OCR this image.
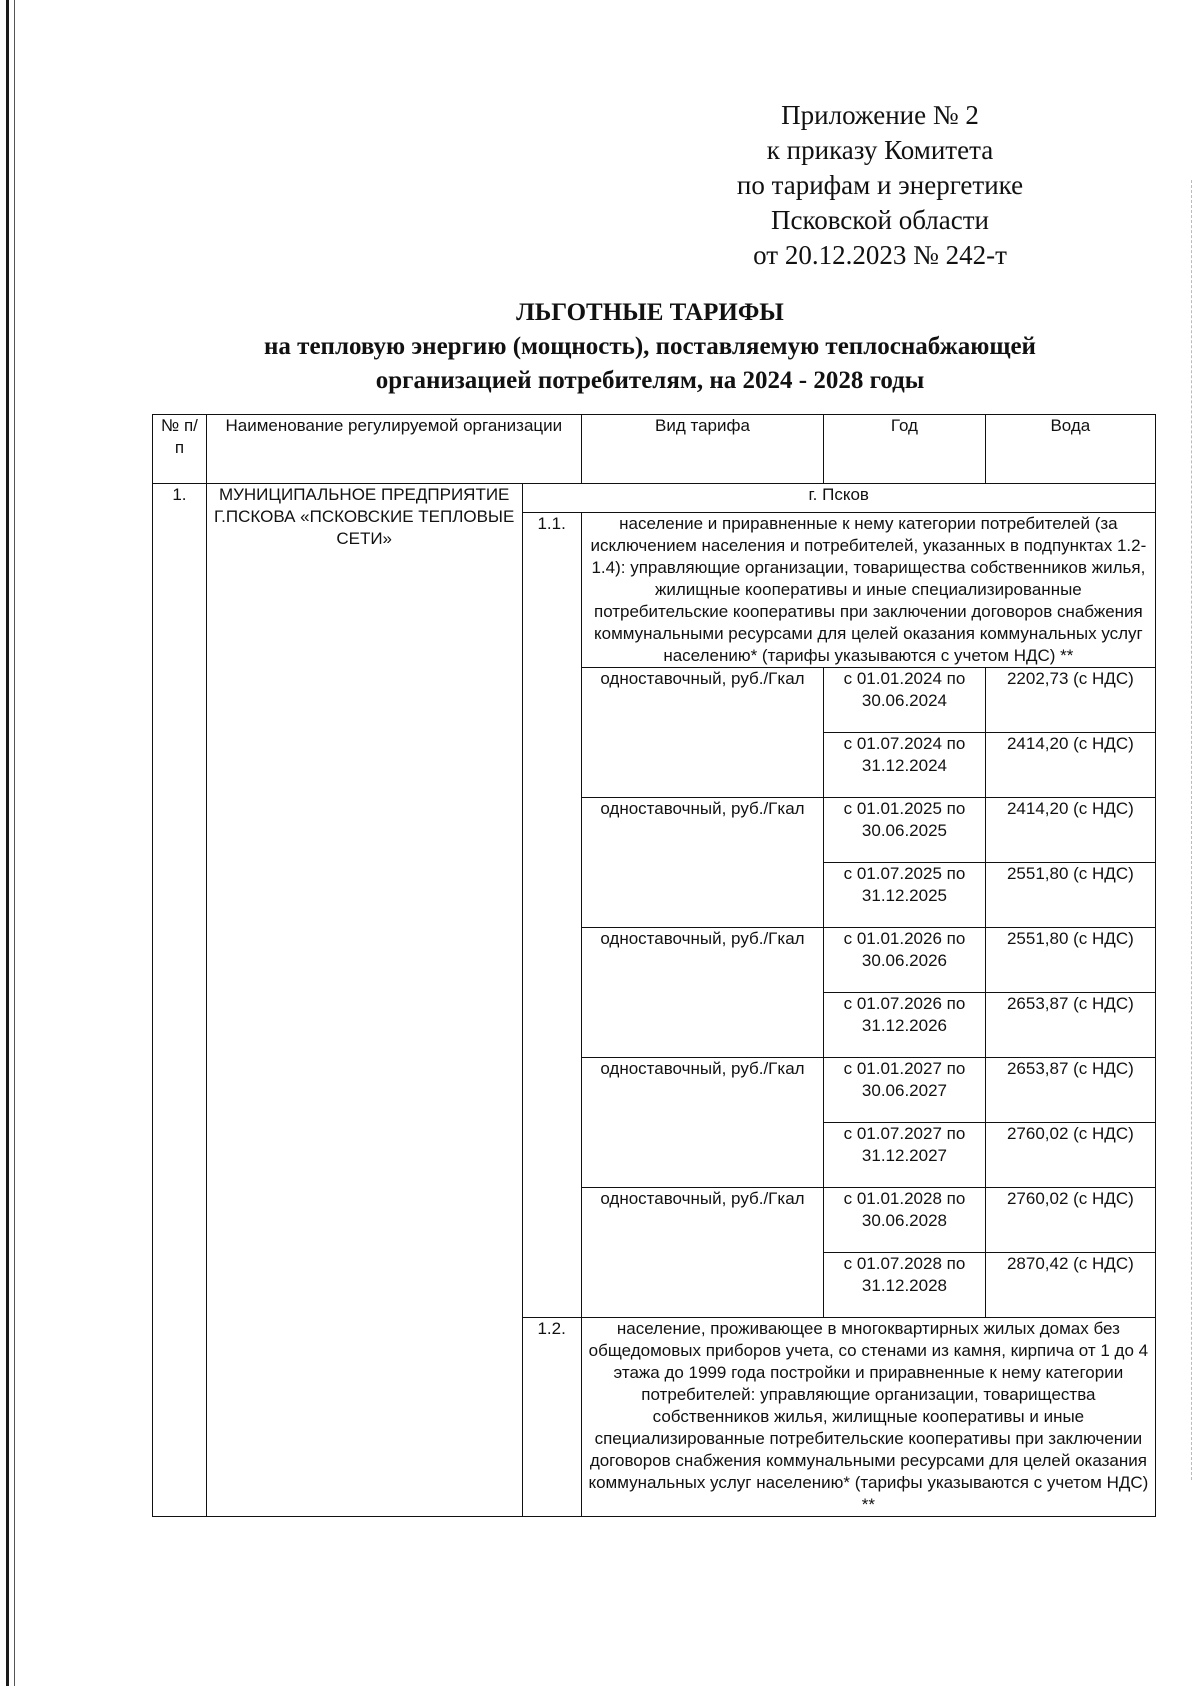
Приложение № 2
к приказу Комитета
по тарифам и энергетике
Псковской области
от 20.12.2023 № 242-т
ЛЬГОТНЫЕ ТАРИФЫ
на тепловую энергию (мощность), поставляемую теплоснабжающей
организацией потребителям, на 2024 - 2028 годы
№ п/п	Наименование регулируемой организации		Вид тарифа	Год	Вода
1.	МУНИЦИПАЛЬНОЕ ПРЕДПРИЯТИЕ Г.ПСКОВА «ПСКОВСКИЕ ТЕПЛОВЫЕ СЕТИ»	г. Псков			
		1.1.	население и приравненные к нему категории потребителей (за исключением населения и потребителей, указанных в подпунктах 1.2-1.4): управляющие организации, товарищества собственников жилья, жилищные кооперативы и иные специализированные потребительские кооперативы при заключении договоров снабжения коммунальными ресурсами для целей оказания коммунальных услуг населению* (тарифы указываются с учетом НДС) **		
			одноставочный, руб./Гкал	с 01.01.2024 по 30.06.2024	2202,73 (с НДС)
				с 01.07.2024 по 31.12.2024	2414,20 (с НДС)
			одноставочный, руб./Гкал	с 01.01.2025 по 30.06.2025	2414,20 (с НДС)
				с 01.07.2025 по 31.12.2025	2551,80 (с НДС)
			одноставочный, руб./Гкал	с 01.01.2026 по 30.06.2026	2551,80 (с НДС)
				с 01.07.2026 по 31.12.2026	2653,87 (с НДС)
			одноставочный, руб./Гкал	с 01.01.2027 по 30.06.2027	2653,87 (с НДС)
				с 01.07.2027 по 31.12.2027	2760,02 (с НДС)
			одноставочный, руб./Гкал	с 01.01.2028 по 30.06.2028	2760,02 (с НДС)
				с 01.07.2028 по 31.12.2028	2870,42 (с НДС)
		1.2.	население, проживающее в многоквартирных жилых домах без общедомовых приборов учета, со стенами из камня, кирпича от 1 до 4 этажа до 1999 года постройки и приравненные к нему категории потребителей: управляющие организации, товарищества собственников жилья, жилищные кооперативы и иные специализированные потребительские кооперативы при заключении договоров снабжения коммунальными ресурсами для целей оказания коммунальных услуг населению* (тарифы указываются с учетом НДС) **		
